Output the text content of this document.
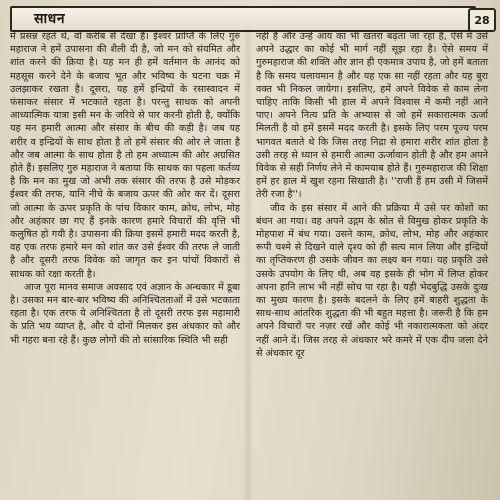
साधन	28

में प्रसन्न रहते थे, वो करीब से देखा है। ईश्वर प्राप्ति के लिए गुरु महाराज ने हमें उपासना की शैली दी है, जो मन को संयमित और शांत करने की क्रिया है। यह मन ही हमें वर्तमान के आनंद को महसूस करने देने के बजाय भूत और भविष्य के घटना चक्र में उलझाकर रखता है। दूसरा, यह हमें इन्द्रियों के रसास्वादन में फंसाकर संसार में भटकाते रहता है। परन्तु साधक को अपनी आध्यात्मिक यात्रा इसी मन के जरिये से पार करनी होती है, क्योंकि यह मन हमारी आत्मा और संसार के बीच की कड़ी है। जब यह शरीर व इन्द्रियों के साथ होता है तो हमें संसार की ओर ले जाता है और जब आत्मा के साथ होता है तो हम अध्यात्म की ओर अग्रसित होते हैं। इसलिए गुरु महाराज ने बताया कि साधक का पहला कर्तव्य है कि मन का मुख जो अभी तक संसार की तरफ है उसे मोड़कर ईश्वर की तरफ, यानि नीचे के बजाय ऊपर की ओर कर दें। दूसरा जो आत्मा के ऊपर प्रकृति के पांच विकार काम, क्रोध, लोभ, मोह और अहंकार छा गए हैं इनके कारण हमारे विचारों की वृत्ति भी कलुषित हो गयी है। उपासना की क्रिया इसमें हमारी मदद करती है, वह एक तरफ हमारे मन को शांत कर उसे ईश्वर की तरफ ले जाती है और दूसरी तरफ विवेक को जागृत कर इन पांचों विकारों से साधक को रक्षा करती है।

आज पूरा मानव समाज अवसाद एवं अज्ञान के अन्धकार में डूबा है। उसका मन बार-बार भविष्य की अनिश्चितताओं में उसे भटकाता रहता है। एक तरफ ये अनिश्चितता है तो दूसरी तरफ इस महामारी के प्रति भय व्याप्त है, और ये दोनों मिलकर इस अंधकार को और भी गहरा बना रहे हैं। कुछ लोगों की तो सांसारिक स्थिति भी सही

नहीं है और उन्हें आय का भी खतरा बढ़ता जा रहा है, ऐसे में उसे अपने उद्धार का कोई भी मार्ग नहीं सूझ रहा है। ऐसे समय में गुरुमहाराज की शक्ति और ज्ञान ही एकमात्र उपाय है, जो हमें बताता है कि समय चलायमान है और यह एक सा नहीं रहता और यह बुरा वक्त भी निकल जायेगा। इसलिए, हमें अपने विवेक से काम लेना चाहिए ताकि किसी भी हाल में अपने विश्वास में कमी नहीं आने पाए। अपने नित्य प्रति के अभ्यास से जो हमें सकारात्मक ऊर्जा मिलती है वो हमें इसमें मदद करती है। इसके लिए परम पूज्य परम भागवत बताते थे कि जिस तरह निद्रा से हमारा शरीर शांत होता है उसी तरह से ध्यान से हमारी आत्मा ऊर्जावान होती है और हम अपने विवेक से सही निर्णय लेने में कामयाब होते हैं। गुरुमहाराज की शिक्षा हमें हर हाल में खुश रहना सिखाती है। ''राजी हैं हम उसी में जिसमें तेरी रजा है''।

जीव के इस संसार में आने की प्रक्रिया में उसे पर कोशों का बंधन आ गया। वह अपने उद्गम के स्रोत से विमुख होकर प्रकृति के मोहपाश में बंध गया। उसने काम, क्रोध, लोभ, मोह और अहंकार रूपी चश्मे से दिखने वाले दृश्य को ही सत्य मान लिया और इन्द्रियों का तृप्तिकरण ही उसके जीवन का लक्ष्य बन गया। यह प्रकृति उसे उसके उपयोग के लिए थी, अब वह इसके ही भोग में लिप्त होकर अपना हानि लाभ भी नहीं सोच पा रहा है। यही भेदबुद्धि उसके दुःख का मुख्य कारण है। इसके बदलने के लिए हमें बाहरी शुद्धता के साथ-साथ आंतरिक शुद्धता की भी बहुत महत्ता है। जरूरी है कि हम अपने विचारों पर नज़र रखें और कोई भी नकारात्मकता को अंदर नहीं आने दें। जिस तरह से अंधकार भरे कमरे में एक दीप जला देने से अंधकार दूर
